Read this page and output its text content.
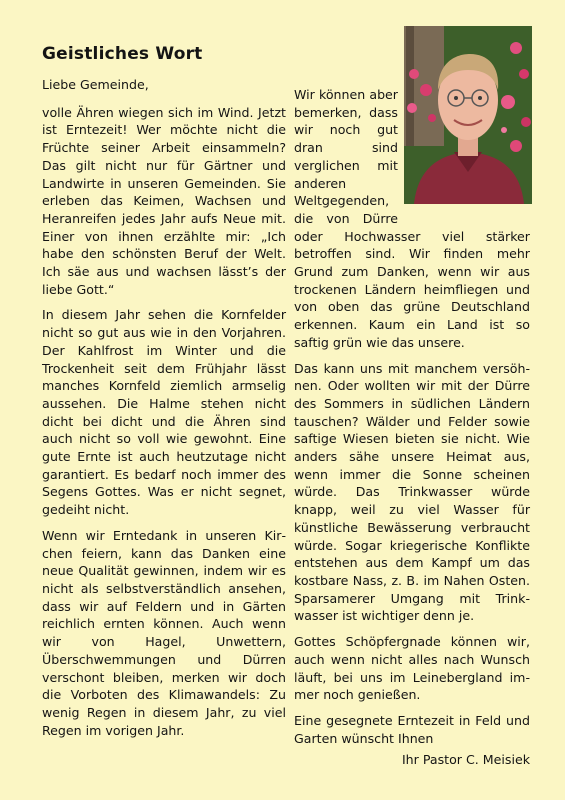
Geistliches Wort

Liebe Gemeinde,

volle Ähren wiegen sich im Wind. Jetzt ist Erntezeit! Wer möchte nicht die Früchte seiner Arbeit einsammeln? Das gilt nicht nur für Gärtner und Landwirte in unseren Gemeinden. Sie erleben das Keimen, Wachsen und Heranreifen jedes Jahr aufs Neue mit. Einer von ihnen erzählte mir: „Ich habe den schönsten Beruf der Welt. Ich säe aus und wachsen lässt’s der liebe Gott.“

In diesem Jahr sehen die Kornfelder nicht so gut aus wie in den Vorjahren. Der Kahlfrost im Winter und die Trockenheit seit dem Frühjahr lässt manches Kornfeld ziemlich armselig aussehen. Die Halme stehen nicht dicht bei dicht und die Ähren sind auch nicht so voll wie gewohnt. Eine gute Ernte ist auch heutzutage nicht garantiert. Es bedarf noch immer des Segens Gottes. Was er nicht segnet, gedeiht nicht.

Wenn wir Erntedank in unseren Kirchen feiern, kann das Danken eine neue Qualität gewinnen, indem wir es nicht als selbstverständlich ansehen, dass wir auf Feldern und in Gärten reichlich ernten können. Auch wenn wir von Hagel, Unwettern, Überschwemmungen und Dürren verschont bleiben, merken wir doch die Vorboten des Klimawandels: Zu wenig Regen in diesem Jahr, zu viel Regen im vorigen Jahr.

Wir können aber bemerken, dass wir noch gut dran sind verglichen mit anderen Weltgegenden, die von Dürre oder Hochwasser viel stärker betroffen sind. Wir finden mehr Grund zum Danken, wenn wir aus trockenen Ländern heimfliegen und von oben das grüne Deutschland erkennen. Kaum ein Land ist so saftig grün wie das unsere.

Das kann uns mit manchem versöhnen. Oder wollten wir mit der Dürre des Sommers in südlichen Ländern tauschen? Wälder und Felder sowie saftige Wiesen bieten sie nicht. Wie anders sähe unsere Heimat aus, wenn immer die Sonne scheinen würde. Das Trinkwasser würde knapp, weil zu viel Wasser für künstliche Bewässerung verbraucht würde. Sogar kriegerische Konflikte entstehen aus dem Kampf um das kostbare Nass, z. B. im Nahen Osten. Sparsamerer Umgang mit Trinkwasser ist wichtiger denn je.

Gottes Schöpfergnade können wir, auch wenn nicht alles nach Wunsch läuft, bei uns im Leinebergland immer noch genießen.

Eine gesegnete Erntezeit in Feld und Garten wünscht Ihnen

Ihr Pastor C. Meisiek
